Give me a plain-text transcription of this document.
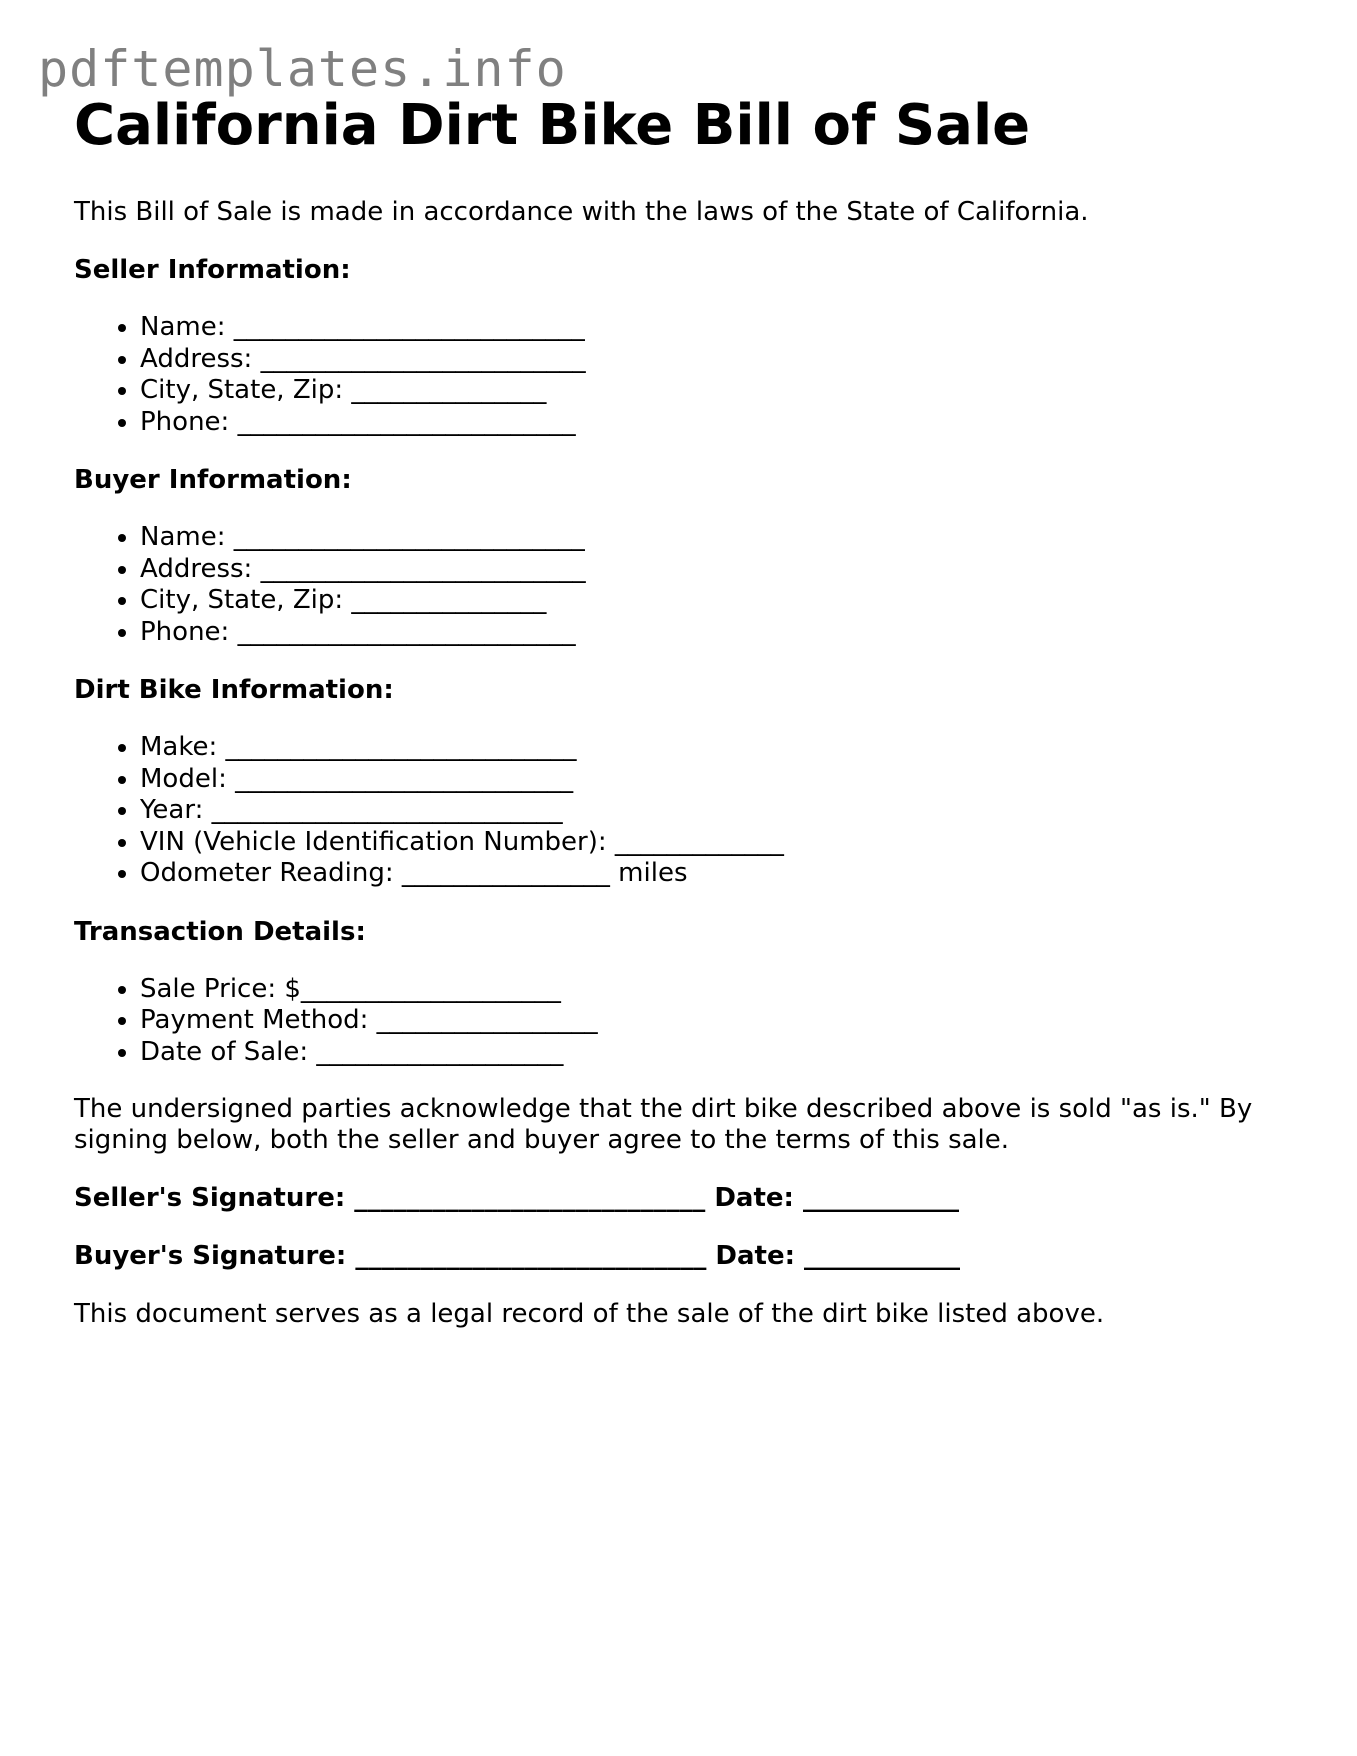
pdftemplates.info
California Dirt Bike Bill of Sale

This Bill of Sale is made in accordance with the laws of the State of California.

Seller Information:

• Name: ___________________________
• Address: _________________________
• City, State, Zip: _______________
• Phone: __________________________

Buyer Information:

• Name: ___________________________
• Address: _________________________
• City, State, Zip: _______________
• Phone: __________________________

Dirt Bike Information:

• Make: ___________________________
• Model: __________________________
• Year: ___________________________
• VIN (Vehicle Identification Number): _____________
• Odometer Reading: ________________ miles

Transaction Details:

• Sale Price: $____________________
• Payment Method: _________________
• Date of Sale: ___________________

The undersigned parties acknowledge that the dirt bike described above is sold "as is." By signing below, both the seller and buyer agree to the terms of this sale.

Seller's Signature: ___________________________ Date: ____________

Buyer's Signature: ___________________________ Date: ____________

This document serves as a legal record of the sale of the dirt bike listed above.
